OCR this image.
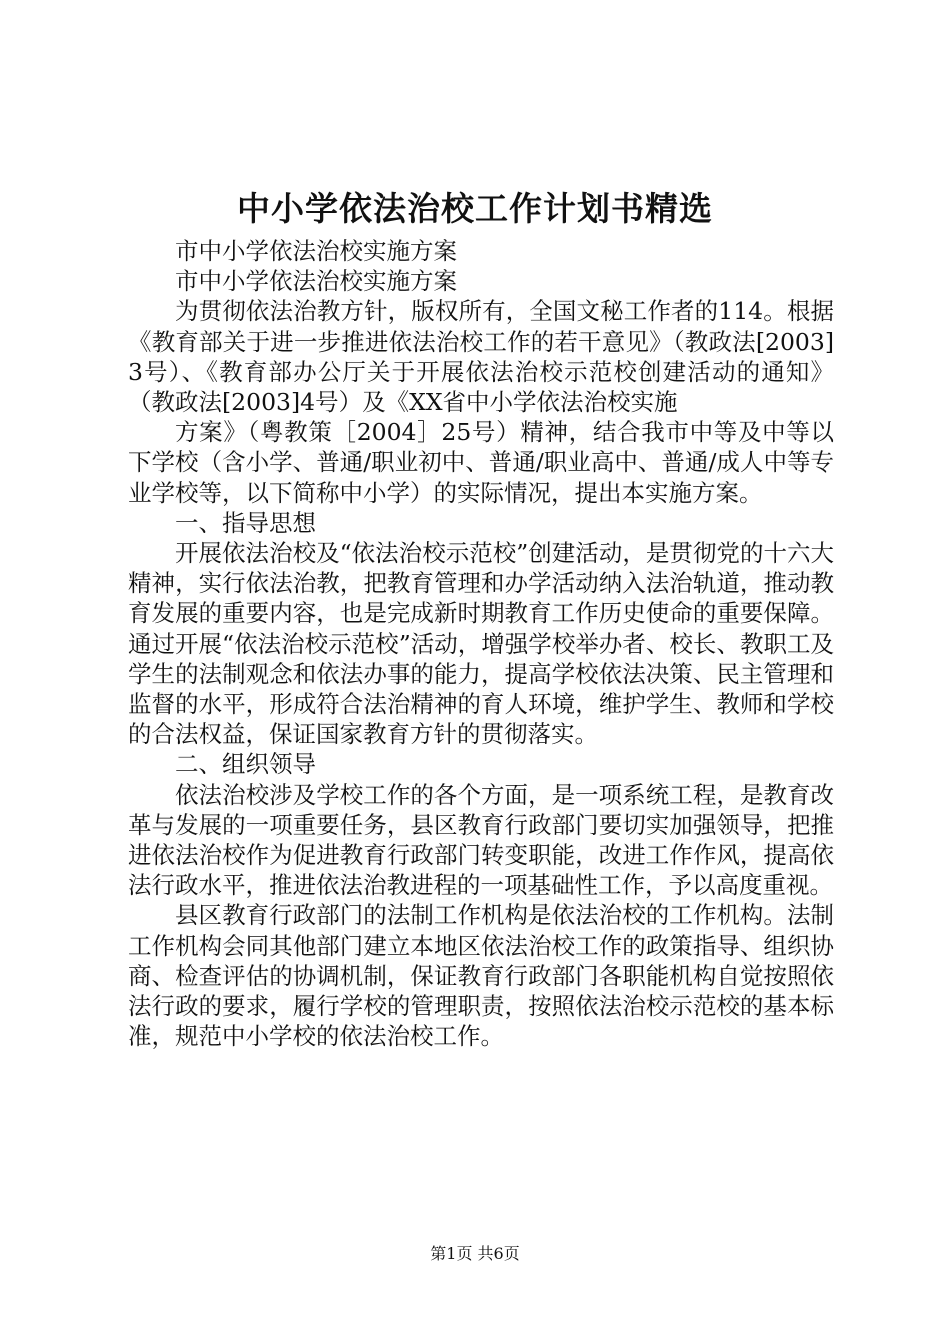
中小学依法治校工作计划书精选

市中小学依法治校实施方案

市中小学依法治校实施方案

为贯彻依法治教方针，版权所有，全国文秘工作者的114。根据《教育部关于进一步推进依法治校工作的若干意见》（教政法[2003]3号）、《教育部办公厅关于开展依法治校示范校创建活动的通知》（教政法[2003]4号）及《XX省中小学依法治校实施

方案》（粤教策［2004］25号）精神，结合我市中等及中等以下学校（含小学、普通/职业初中、普通/职业高中、普通/成人中等专业学校等，以下简称中小学）的实际情况，提出本实施方案。

一、指导思想

开展依法治校及“依法治校示范校”创建活动，是贯彻党的十六大精神，实行依法治教，把教育管理和办学活动纳入法治轨道，推动教育发展的重要内容，也是完成新时期教育工作历史使命的重要保障。通过开展“依法治校示范校”活动，增强学校举办者、校长、教职工及学生的法制观念和依法办事的能力，提高学校依法决策、民主管理和监督的水平，形成符合法治精神的育人环境，维护学生、教师和学校的合法权益，保证国家教育方针的贯彻落实。

二、组织领导

依法治校涉及学校工作的各个方面，是一项系统工程，是教育改革与发展的一项重要任务，县区教育行政部门要切实加强领导，把推进依法治校作为促进教育行政部门转变职能，改进工作作风，提高依法行政水平，推进依法治教进程的一项基础性工作，予以高度重视。

县区教育行政部门的法制工作机构是依法治校的工作机构。法制工作机构会同其他部门建立本地区依法治校工作的政策指导、组织协商、检查评估的协调机制，保证教育行政部门各职能机构自觉按照依法行政的要求，履行学校的管理职责，按照依法治校示范校的基本标准，规范中小学校的依法治校工作。

第1页 共6页
